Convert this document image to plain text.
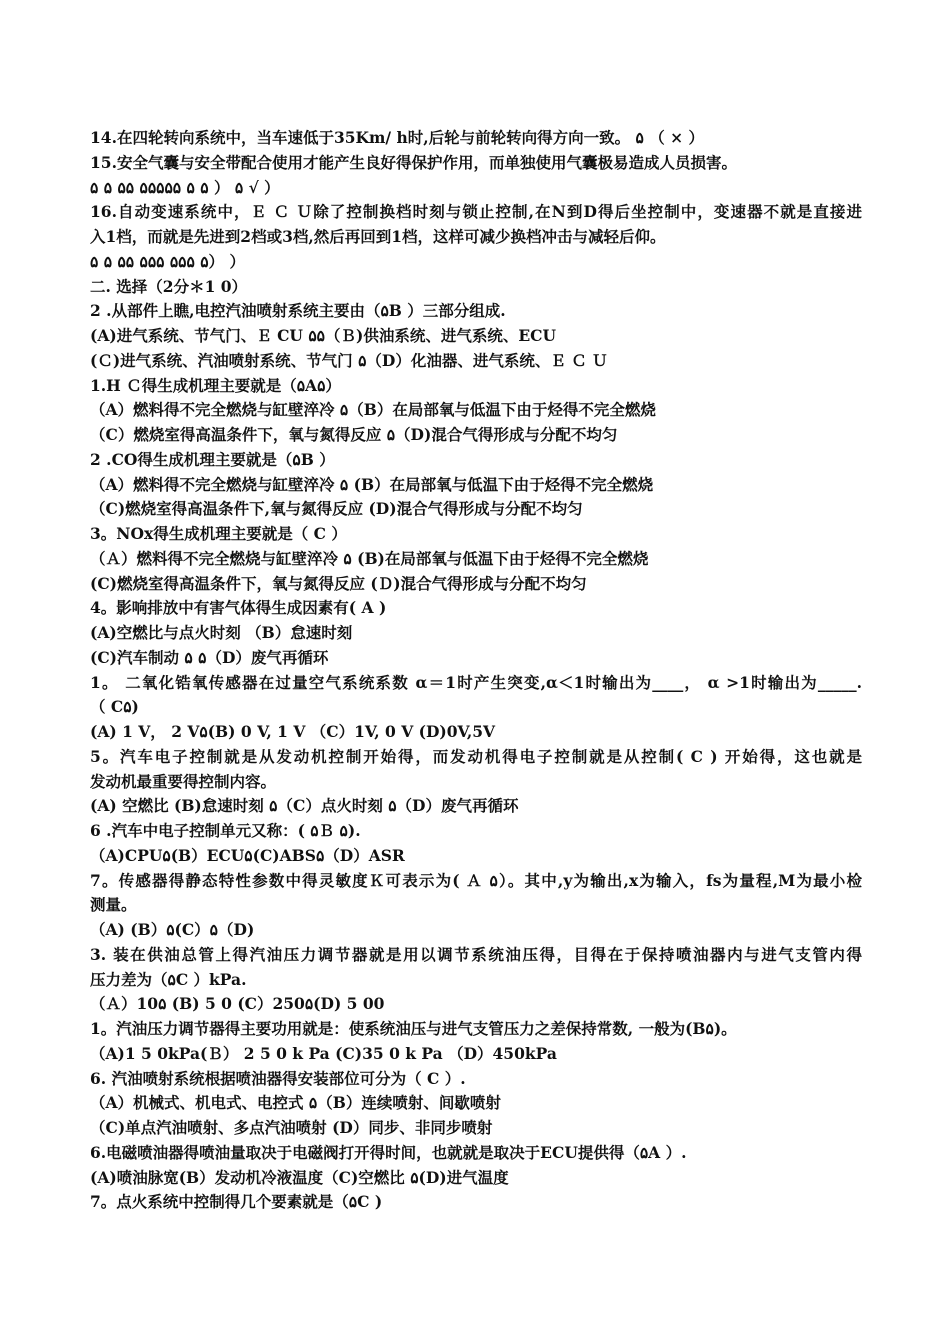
14.在四轮转向系统中，当车速低于35Km/ h时,后轮与前轮转向得方向一致。 ۵ （ × ）
15.安全气囊与安全带配合使用才能产生良好得保护作用，而单独使用气囊极易造成人员损害。
۵ ۵ ۵۵ ۵۵۵۵۵ ۵ ۵ ） ۵ √ ）
16.自动变速系统中，Ｅ Ｃ Ｕ除了控制换档时刻与锁止控制,在N到D得后坐控制中，变速器不就是直接进
入1档，而就是先进到2档或3档,然后再回到1档，这样可减少换档冲击与减轻后仰。
۵ ۵ ۵۵ ۵۵۵ ۵۵۵ ۵） ）
二. 选择（2分＊1 0）
2 .从部件上瞧,电控汽油喷射系统主要由（۵B ）三部分组成.
(A)进气系统、节气门、Ｅ CU ۵۵（Ｂ)供油系统、进气系统、ECU
(Ｃ)进气系统、汽油喷射系统、节气门 ۵（D）化油器、进气系统、Ｅ Ｃ Ｕ
1.H Ｃ得生成机理主要就是（۵A۵）
（A）燃料得不完全燃烧与缸壁淬冷 ۵（B）在局部氧与低温下由于烃得不完全燃烧
（C）燃烧室得高温条件下，氧与氮得反应 ۵（D)混合气得形成与分配不均匀
2 .CO得生成机理主要就是（۵B ）
（A）燃料得不完全燃烧与缸壁淬冷 ۵ (B）在局部氧与低温下由于烃得不完全燃烧
（C)燃烧室得高温条件下,氧与氮得反应 (D)混合气得形成与分配不均匀
3。NOx得生成机理主要就是（ C ）
（Ａ）燃料得不完全燃烧与缸壁淬冷 ۵ (B)在局部氧与低温下由于烃得不完全燃烧
(C)燃烧室得高温条件下，氧与氮得反应 (Ｄ)混合气得形成与分配不均匀
4。影响排放中有害气体得生成因素有( A )
(A)空燃比与点火时刻 （B）怠速时刻
(C)汽车制动 ۵ ۵（D）废气再循环
1。 二氧化锆氧传感器在过量空气系统系数 α＝1时产生突变,α＜1时输出为____， α >1时输出为_____.
（ C۵)
(A) 1 V， 2 V۵(B) 0 V, 1 V （C）1V, 0 V (D)0V,5V
5。汽车电子控制就是从发动机控制开始得，而发动机得电子控制就是从控制( C ) 开始得，这也就是
发动机最重要得控制内容。
(A) 空燃比 (B)怠速时刻 ۵（C）点火时刻 ۵（D）废气再循环
6 .汽车中电子控制单元又称：( ۵Ｂ ۵).
（A)CPU۵(B）ECU۵(C)ABS۵（D）ASR
7。传感器得静态特性参数中得灵敏度Ｋ可表示为( Ａ ۵）。其中,y为输出,x为输入，fs为量程,M为最小检
测量。
（A) (B）۵(C）۵（D)
3. 装在供油总管上得汽油压力调节器就是用以调节系统油压得，目得在于保持喷油器内与进气支管内得
压力差为（۵C ）kPa.
（Ａ）10۵ (B) 5 0 (C）250۵(D) 5 00
1。汽油压力调节器得主要功用就是：使系统油压与进气支管压力之差保持常数, 一般为(B۵)。
（A)1 5 0kPa(Ｂ） 2 5 0 k Pa (C)35 0 k Pa （D）450kPa
6. 汽油喷射系统根据喷油器得安装部位可分为（ C ）.
（A）机械式、机电式、电控式 ۵（B）连续喷射、间歇喷射
（C)单点汽油喷射、多点汽油喷射 (D）同步、非同步喷射
6.电磁喷油器得喷油量取决于电磁阀打开得时间，也就就是取决于ECU提供得（۵A ）.
(A)喷油脉宽(B）发动机冷液温度（C)空燃比 ۵(D)进气温度
7。点火系统中控制得几个要素就是（۵C )
